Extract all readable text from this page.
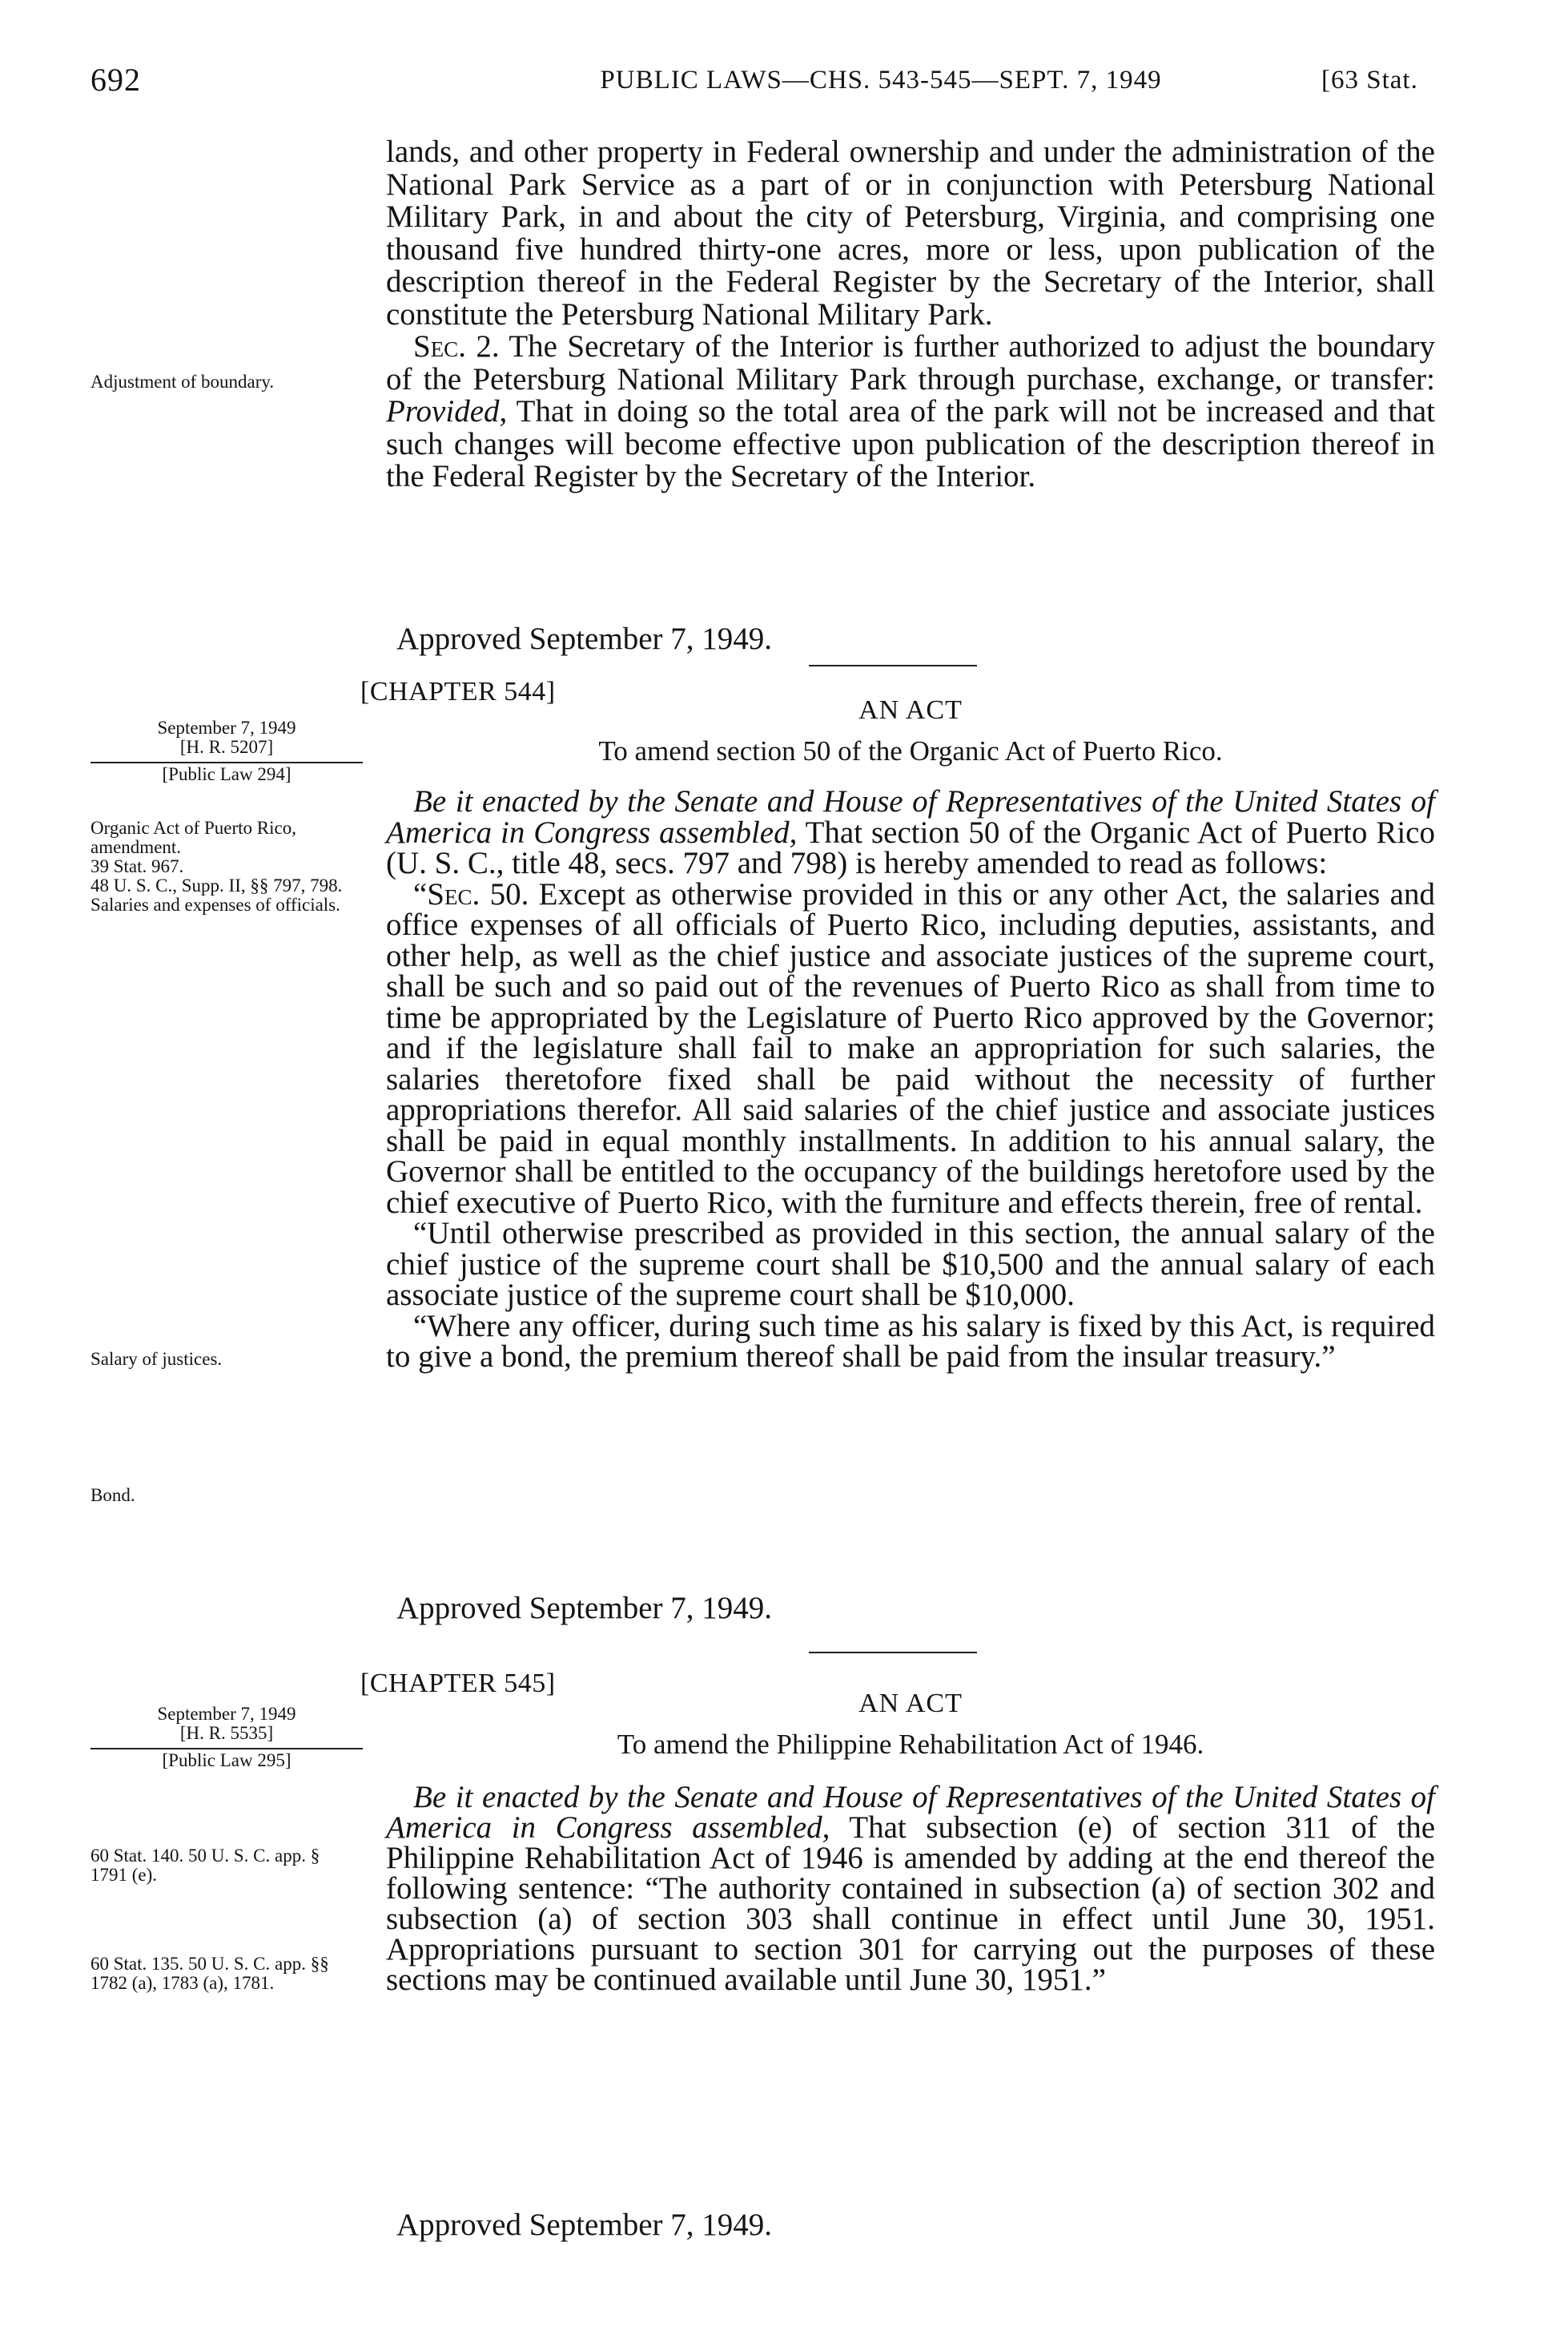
692	PUBLIC LAWS—CHS. 543-545—SEPT. 7, 1949	[63 Stat.

lands, and other property in Federal ownership and under the administration of the National Park Service as a part of or in conjunction with Petersburg National Military Park, in and about the city of Petersburg, Virginia, and comprising one thousand five hundred thirty-one acres, more or less, upon publication of the description thereof in the Federal Register by the Secretary of the Interior, shall constitute the Petersburg National Military Park.

Sec. 2. The Secretary of the Interior is further authorized to adjust the boundary of the Petersburg National Military Park through purchase, exchange, or transfer: Provided, That in doing so the total area of the park will not be increased and that such changes will become effective upon publication of the description thereof in the Federal Register by the Secretary of the Interior.

Adjustment of boundary.
Approved September 7, 1949.
[CHAPTER 544]
AN ACT
To amend section 50 of the Organic Act of Puerto Rico.
September 7, 1949
[H. R. 5207]
[Public Law 294]
Organic Act of Puerto Rico, amendment.
39 Stat. 967.
48 U. S. C., Supp. II, §§ 797, 798.
Salaries and expenses of officials.
Salary of justices.
Bond.

Be it enacted by the Senate and House of Representatives of the United States of America in Congress assembled, That section 50 of the Organic Act of Puerto Rico (U. S. C., title 48, secs. 797 and 798) is hereby amended to read as follows:

“Sec. 50. Except as otherwise provided in this or any other Act, the salaries and office expenses of all officials of Puerto Rico, including deputies, assistants, and other help, as well as the chief justice and associate justices of the supreme court, shall be such and so paid out of the revenues of Puerto Rico as shall from time to time be appropriated by the Legislature of Puerto Rico approved by the Governor; and if the legislature shall fail to make an appropriation for such salaries, the salaries theretofore fixed shall be paid without the necessity of further appropriations therefor. All said salaries of the chief justice and associate justices shall be paid in equal monthly installments. In addition to his annual salary, the Governor shall be entitled to the occupancy of the buildings heretofore used by the chief executive of Puerto Rico, with the furniture and effects therein, free of rental.

“Until otherwise prescribed as provided in this section, the annual salary of the chief justice of the supreme court shall be $10,500 and the annual salary of each associate justice of the supreme court shall be $10,000.

“Where any officer, during such time as his salary is fixed by this Act, is required to give a bond, the premium thereof shall be paid from the insular treasury.”

Approved September 7, 1949.
[CHAPTER 545]
AN ACT
To amend the Philippine Rehabilitation Act of 1946.
September 7, 1949
[H. R. 5535]
[Public Law 295]
60 Stat. 140. 50 U. S. C. app. § 1791 (e).
60 Stat. 135. 50 U. S. C. app. §§ 1782 (a), 1783 (a), 1781.

Be it enacted by the Senate and House of Representatives of the United States of America in Congress assembled, That subsection (e) of section 311 of the Philippine Rehabilitation Act of 1946 is amended by adding at the end thereof the following sentence: “The authority contained in subsection (a) of section 302 and subsection (a) of section 303 shall continue in effect until June 30, 1951. Appropriations pursuant to section 301 for carrying out the purposes of these sections may be continued available until June 30, 1951.”

Approved September 7, 1949.
